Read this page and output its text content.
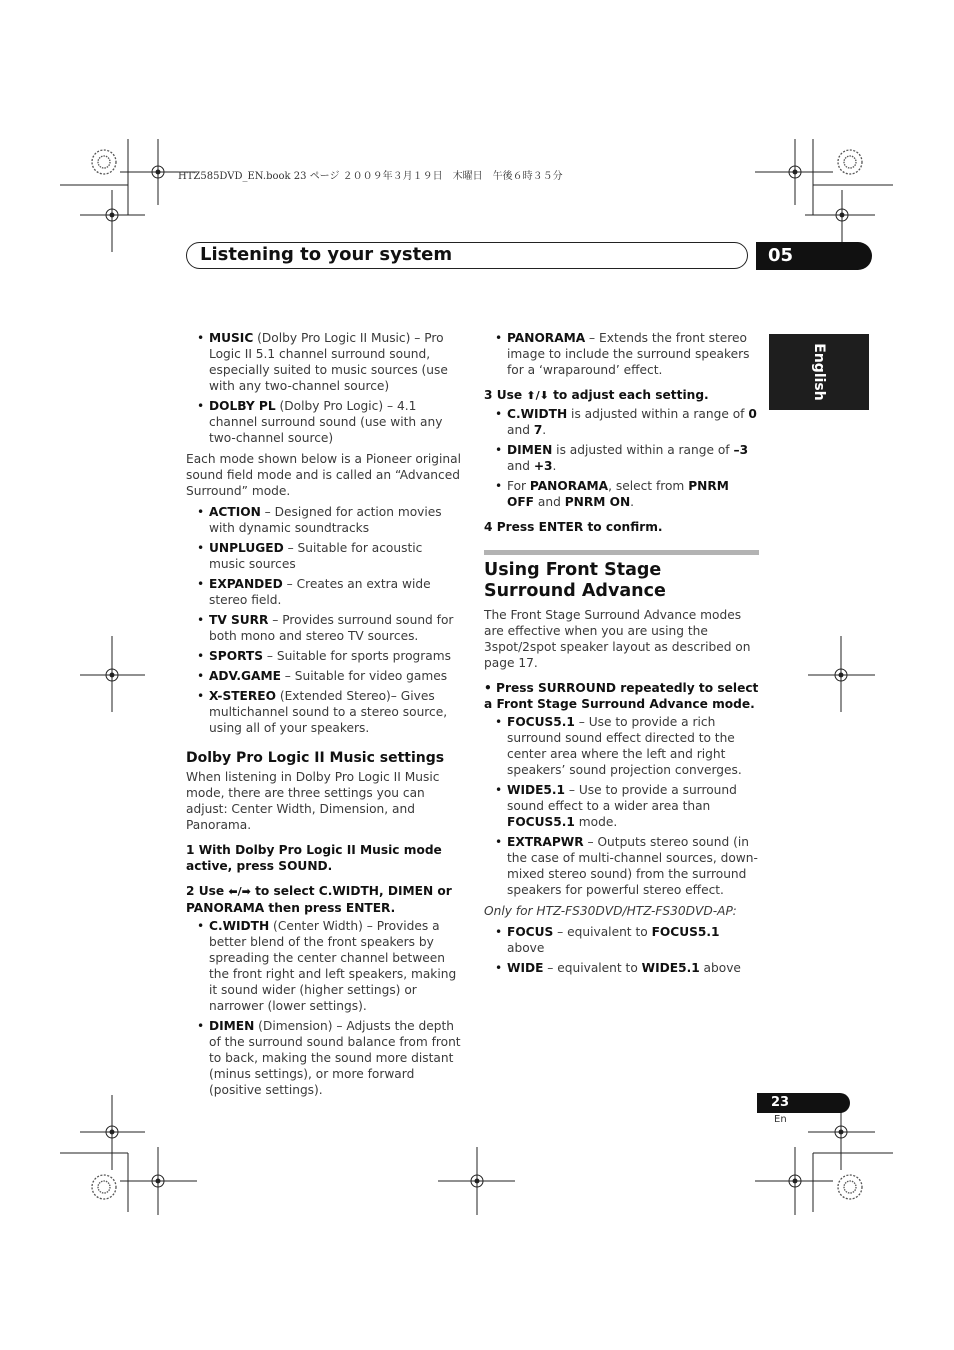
HTZ585DVD_EN.book 23 ページ ２００９年３月１９日　木曜日　午後６時３５分
Listening to your system	05
English
• MUSIC (Dolby Pro Logic II Music) – Pro Logic II 5.1 channel surround sound, especially suited to music sources (use with any two-channel source)
• DOLBY PL (Dolby Pro Logic) – 4.1 channel surround sound (use with any two-channel source)

Each mode shown below is a Pioneer original sound field mode and is called an “Advanced Surround” mode.

• ACTION – Designed for action movies with dynamic soundtracks
• UNPLUGED – Suitable for acoustic music sources
• EXPANDED – Creates an extra wide stereo field.
• TV SURR – Provides surround sound for both mono and stereo TV sources.
• SPORTS – Suitable for sports programs
• ADV.GAME – Suitable for video games
• X-STEREO (Extended Stereo)– Gives multichannel sound to a stereo source, using all of your speakers.

Dolby Pro Logic II Music settings

When listening in Dolby Pro Logic II Music mode, there are three settings you can adjust: Center Width, Dimension, and Panorama.

1 With Dolby Pro Logic II Music mode active, press SOUND.

2 Use ⬅/➡ to select C.WIDTH, DIMEN or PANORAMA then press ENTER.

• C.WIDTH (Center Width) – Provides a better blend of the front speakers by spreading the center channel between the front right and left speakers, making it sound wider (higher settings) or narrower (lower settings).
• DIMEN (Dimension) – Adjusts the depth of the surround sound balance from front to back, making the sound more distant (minus settings), or more forward (positive settings).
• PANORAMA – Extends the front stereo image to include the surround speakers for a ‘wraparound’ effect.

3 Use ⬆/⬇ to adjust each setting.

• C.WIDTH is adjusted within a range of 0 and 7.
• DIMEN is adjusted within a range of –3 and +3.
• For PANORAMA, select from PNRM OFF and PNRM ON.

4 Press ENTER to confirm.

Using Front Stage Surround Advance

The Front Stage Surround Advance modes are effective when you are using the 3spot/2spot speaker layout as described on page 17.

• Press SURROUND repeatedly to select a Front Stage Surround Advance mode.

• FOCUS5.1 – Use to provide a rich surround sound effect directed to the center area where the left and right speakers’ sound projection converges.
• WIDE5.1 – Use to provide a surround sound effect to a wider area than FOCUS5.1 mode.
• EXTRAPWR – Outputs stereo sound (in the case of multi-channel sources, down-mixed stereo sound) from the surround speakers for powerful stereo effect.

Only for HTZ-FS30DVD/HTZ-FS30DVD-AP:

• FOCUS – equivalent to FOCUS5.1 above
• WIDE – equivalent to WIDE5.1 above
23
En
